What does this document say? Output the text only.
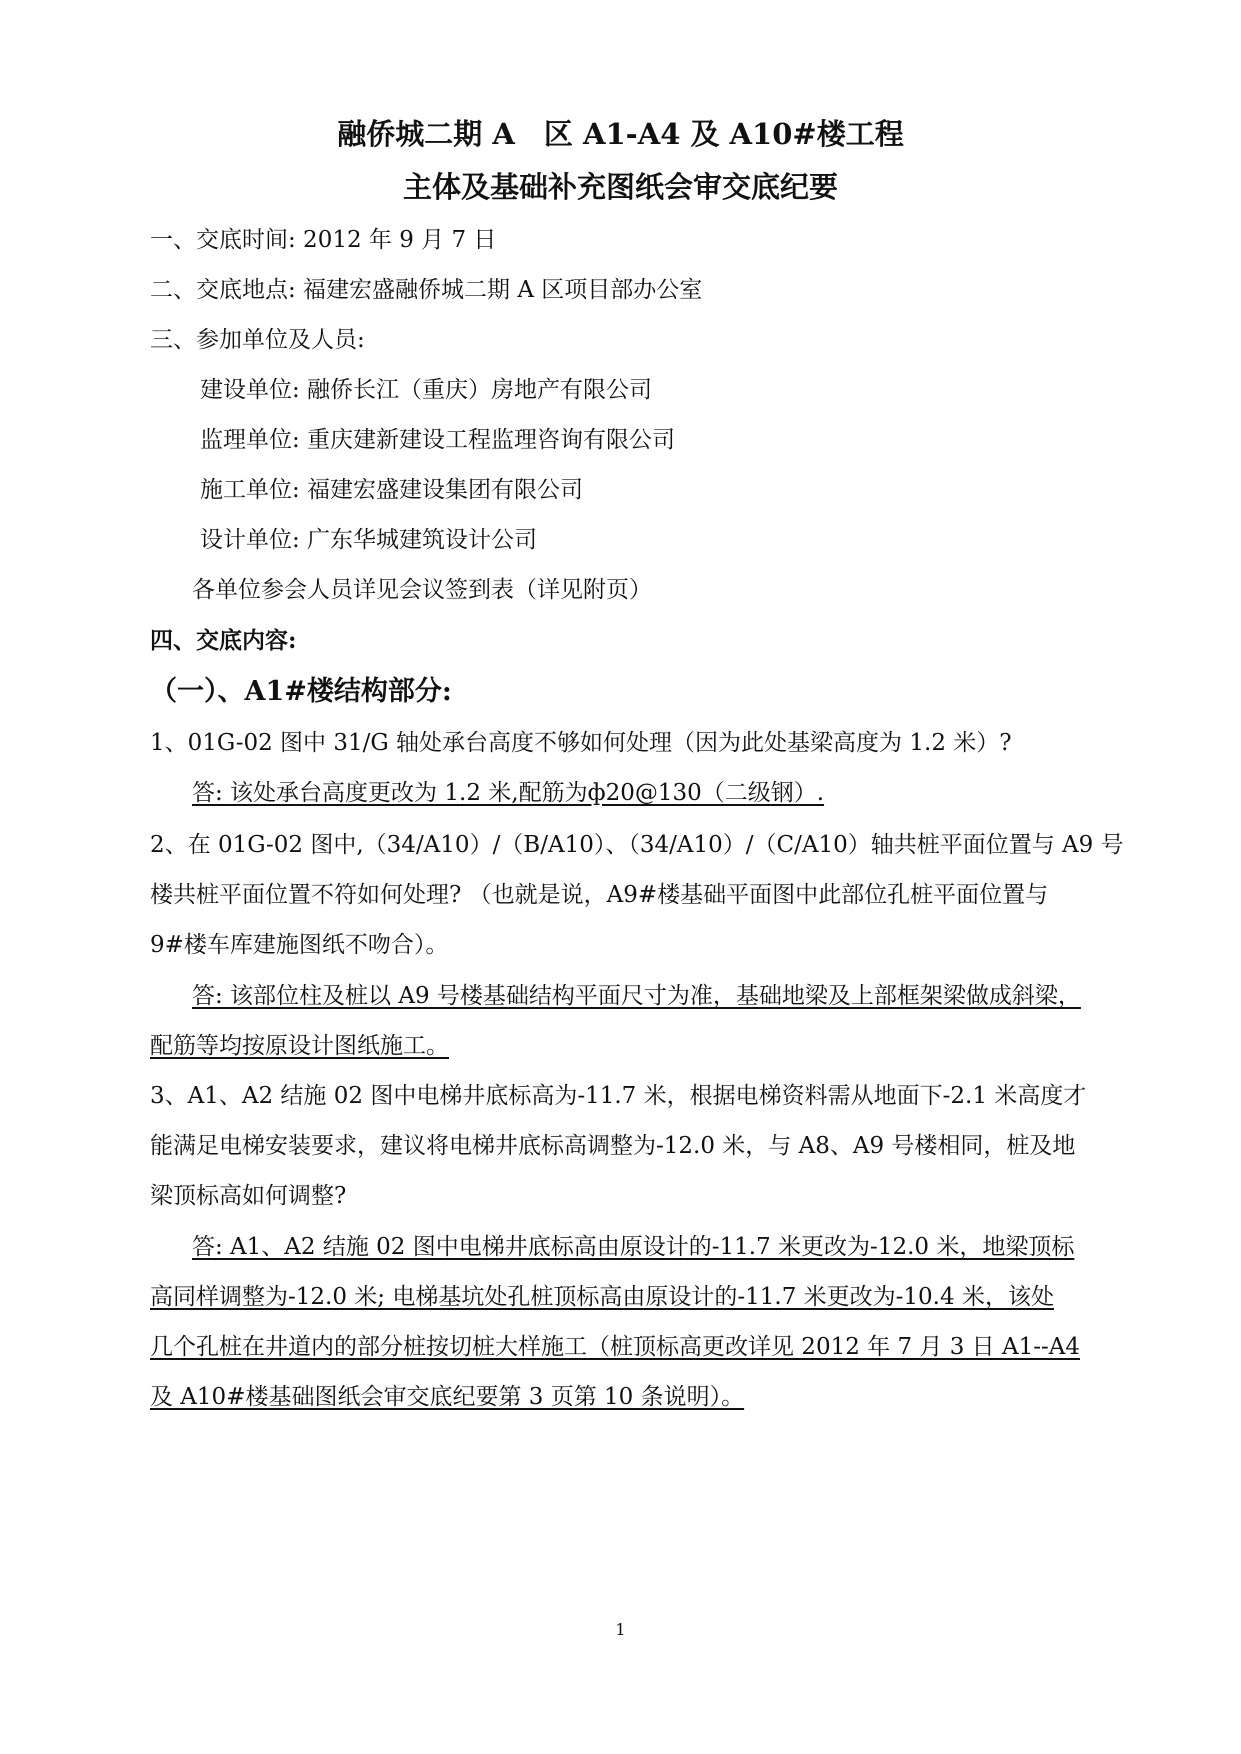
融侨城二期 A　区 A1-A4 及 A10#楼工程
主体及基础补充图纸会审交底纪要
一、交底时间: 2012 年 9 月 7 日
二、交底地点: 福建宏盛融侨城二期 A 区项目部办公室
三、参加单位及人员:
建设单位: 融侨长江（重庆）房地产有限公司
监理单位: 重庆建新建设工程监理咨询有限公司
施工单位: 福建宏盛建设集团有限公司
设计单位: 广东华城建筑设计公司
各单位参会人员详见会议签到表（详见附页）
四、交底内容:
（一）、A1#楼结构部分:
1、01G-02 图中 31/G 轴处承台高度不够如何处理（因为此处基梁高度为 1.2 米）?
答: 该处承台高度更改为 1.2 米,配筋为ф20@130（二级钢）.
2、在 01G-02 图中,（34/A10）/（B/A10）、（34/A10）/（C/A10）轴共桩平面位置与 A9 号
楼共桩平面位置不符如何处理? （也就是说，A9#楼基础平面图中此部位孔桩平面位置与
9#楼车库建施图纸不吻合）。
答: 该部位柱及桩以 A9 号楼基础结构平面尺寸为准，基础地梁及上部框架梁做成斜梁，
配筋等均按原设计图纸施工。
3、A1、A2 结施 02 图中电梯井底标高为-11.7 米，根据电梯资料需从地面下-2.1 米高度才
能满足电梯安装要求，建议将电梯井底标高调整为-12.0 米，与 A8、A9 号楼相同，桩及地
梁顶标高如何调整?
答: A1、A2 结施 02 图中电梯井底标高由原设计的-11.7 米更改为-12.0 米，地梁顶标
高同样调整为-12.0 米; 电梯基坑处孔桩顶标高由原设计的-11.7 米更改为-10.4 米，该处
几个孔桩在井道内的部分桩按切桩大样施工（桩顶标高更改详见 2012 年 7 月 3 日 A1--A4
及 A10#楼基础图纸会审交底纪要第 3 页第 10 条说明）。
1
